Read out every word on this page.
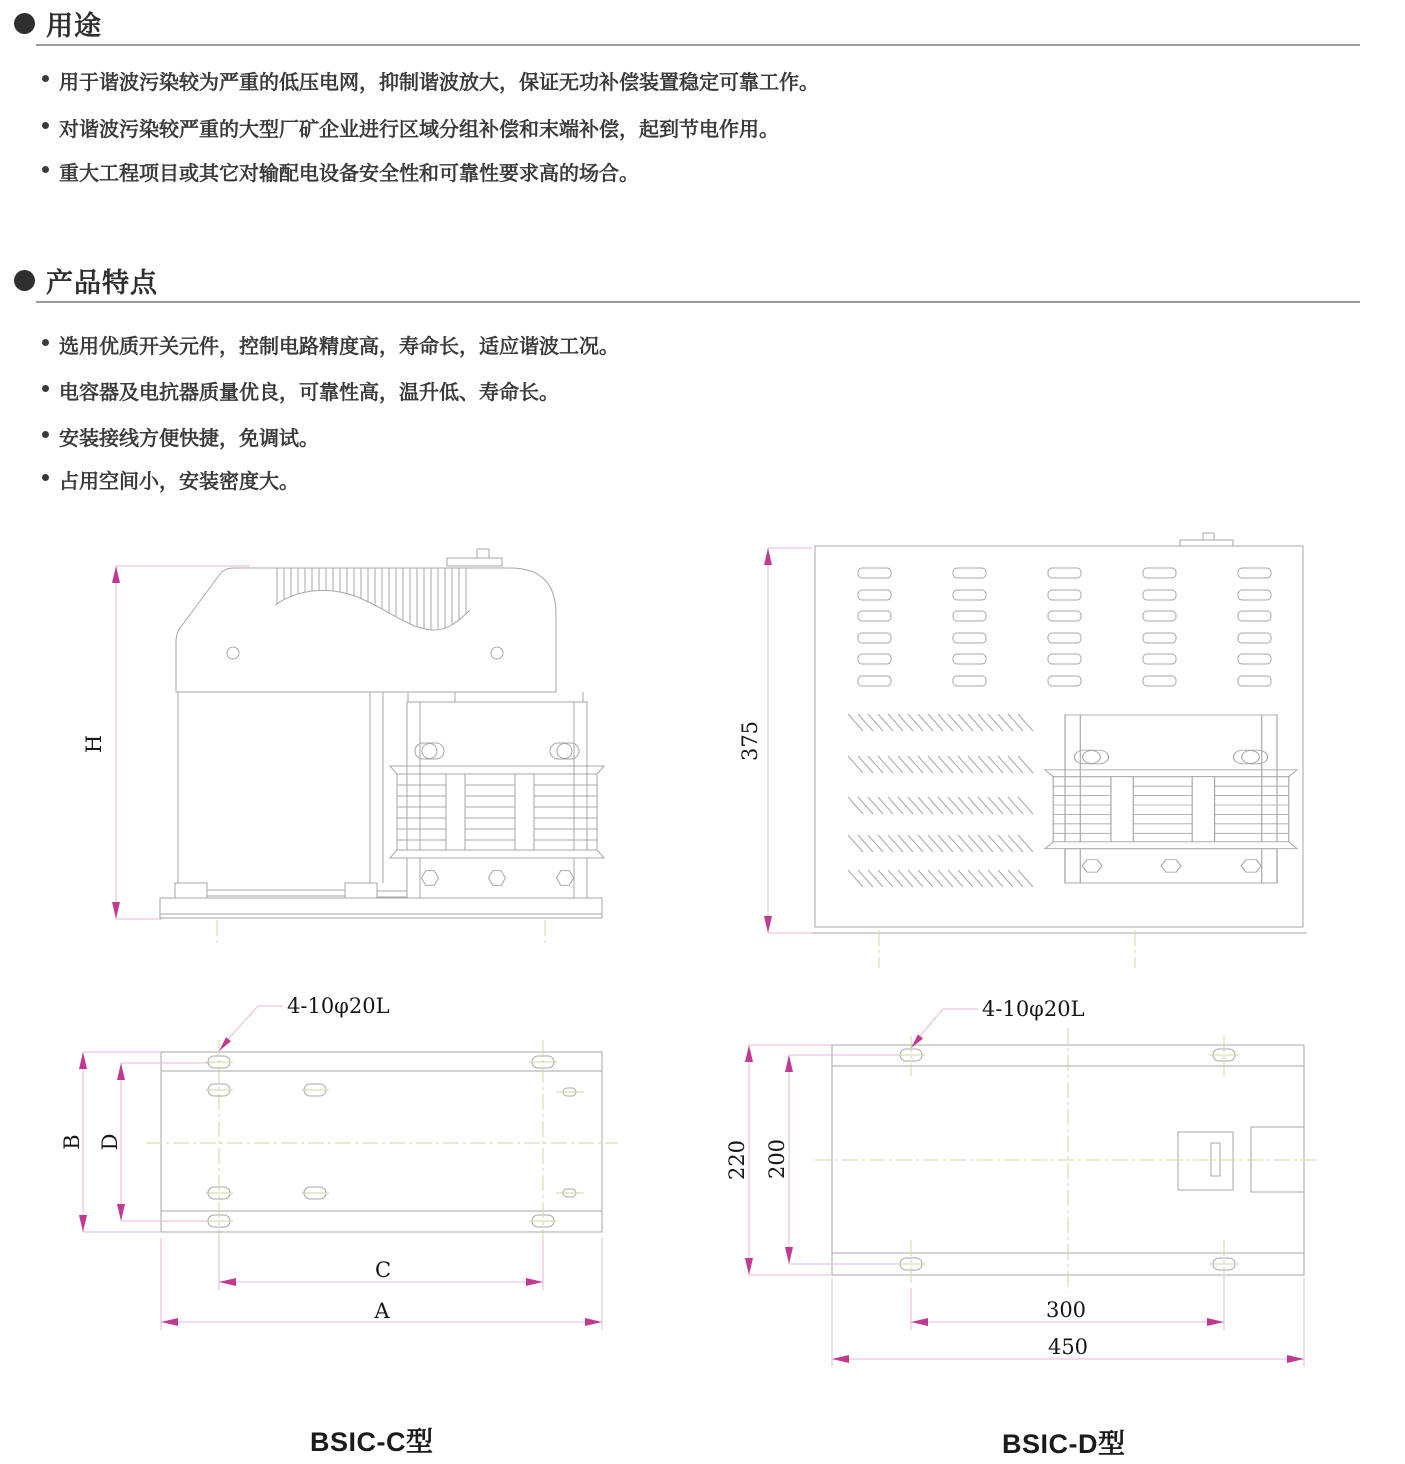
用途
用于谐波污染较为严重的低压电网，抑制谐波放大，保证无功补偿装置稳定可靠工作。
对谐波污染较严重的大型厂矿企业进行区域分组补偿和末端补偿，起到节电作用。
重大工程项目或其它对输配电设备安全性和可靠性要求高的场合。
产品特点
选用优质开关元件，控制电路精度高，寿命长，适应谐波工况。
电容器及电抗器质量优良，可靠性高，温升低、寿命长。
安装接线方便快捷，免调试。
占用空间小，安装密度大。
H	375
4-10φ20L
B D
C
A
4-10φ20L
220 200
300
450
BSIC-C型	BSIC-D型
